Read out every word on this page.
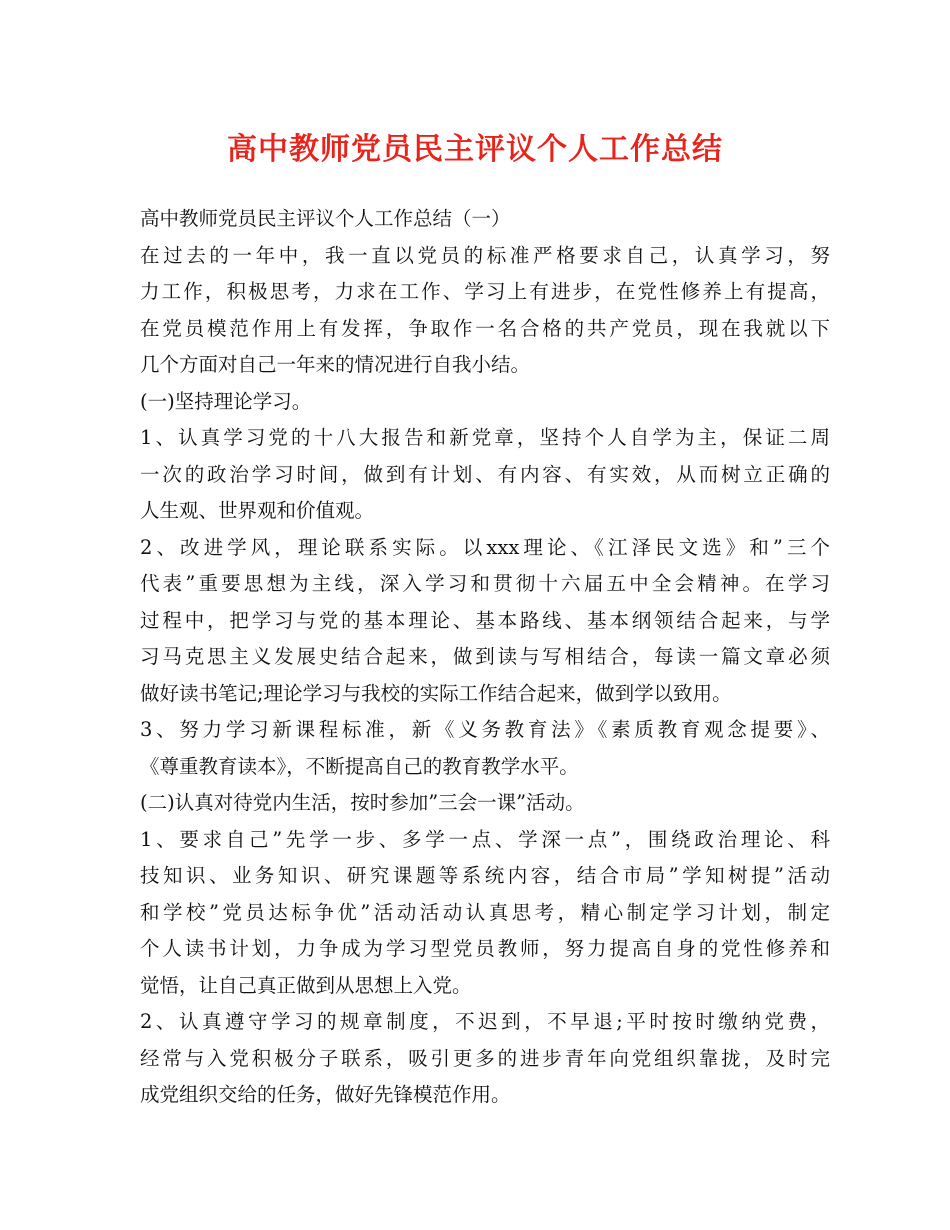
高中教师党员民主评议个人工作总结
高中教师党员民主评议个人工作总结（一）
在过去的一年中，我一直以党员的标准严格要求自己，认真学习，努
力工作，积极思考，力求在工作、学习上有进步，在党性修养上有提高，
在党员模范作用上有发挥，争取作一名合格的共产党员，现在我就以下
几个方面对自己一年来的情况进行自我小结。
(一)坚持理论学习。
1、认真学习党的十八大报告和新党章，坚持个人自学为主，保证二周
一次的政治学习时间，做到有计划、有内容、有实效，从而树立正确的
人生观、世界观和价值观。
2、改进学风，理论联系实际。以xxx理论、《江泽民文选》和”三个
代表”重要思想为主线，深入学习和贯彻十六届五中全会精神。在学习
过程中，把学习与党的基本理论、基本路线、基本纲领结合起来，与学
习马克思主义发展史结合起来，做到读与写相结合，每读一篇文章必须
做好读书笔记;理论学习与我校的实际工作结合起来，做到学以致用。
3、努力学习新课程标准，新《义务教育法》《素质教育观念提要》、
《尊重教育读本》，不断提高自己的教育教学水平。
(二)认真对待党内生活，按时参加”三会一课”活动。
1、要求自己”先学一步、多学一点、学深一点”，围绕政治理论、科
技知识、业务知识、研究课题等系统内容，结合市局”学知树提”活动
和学校”党员达标争优”活动活动认真思考，精心制定学习计划，制定
个人读书计划，力争成为学习型党员教师，努力提高自身的党性修养和
觉悟，让自己真正做到从思想上入党。
2、认真遵守学习的规章制度，不迟到，不早退;平时按时缴纳党费，
经常与入党积极分子联系，吸引更多的进步青年向党组织靠拢，及时完
成党组织交给的任务，做好先锋模范作用。
